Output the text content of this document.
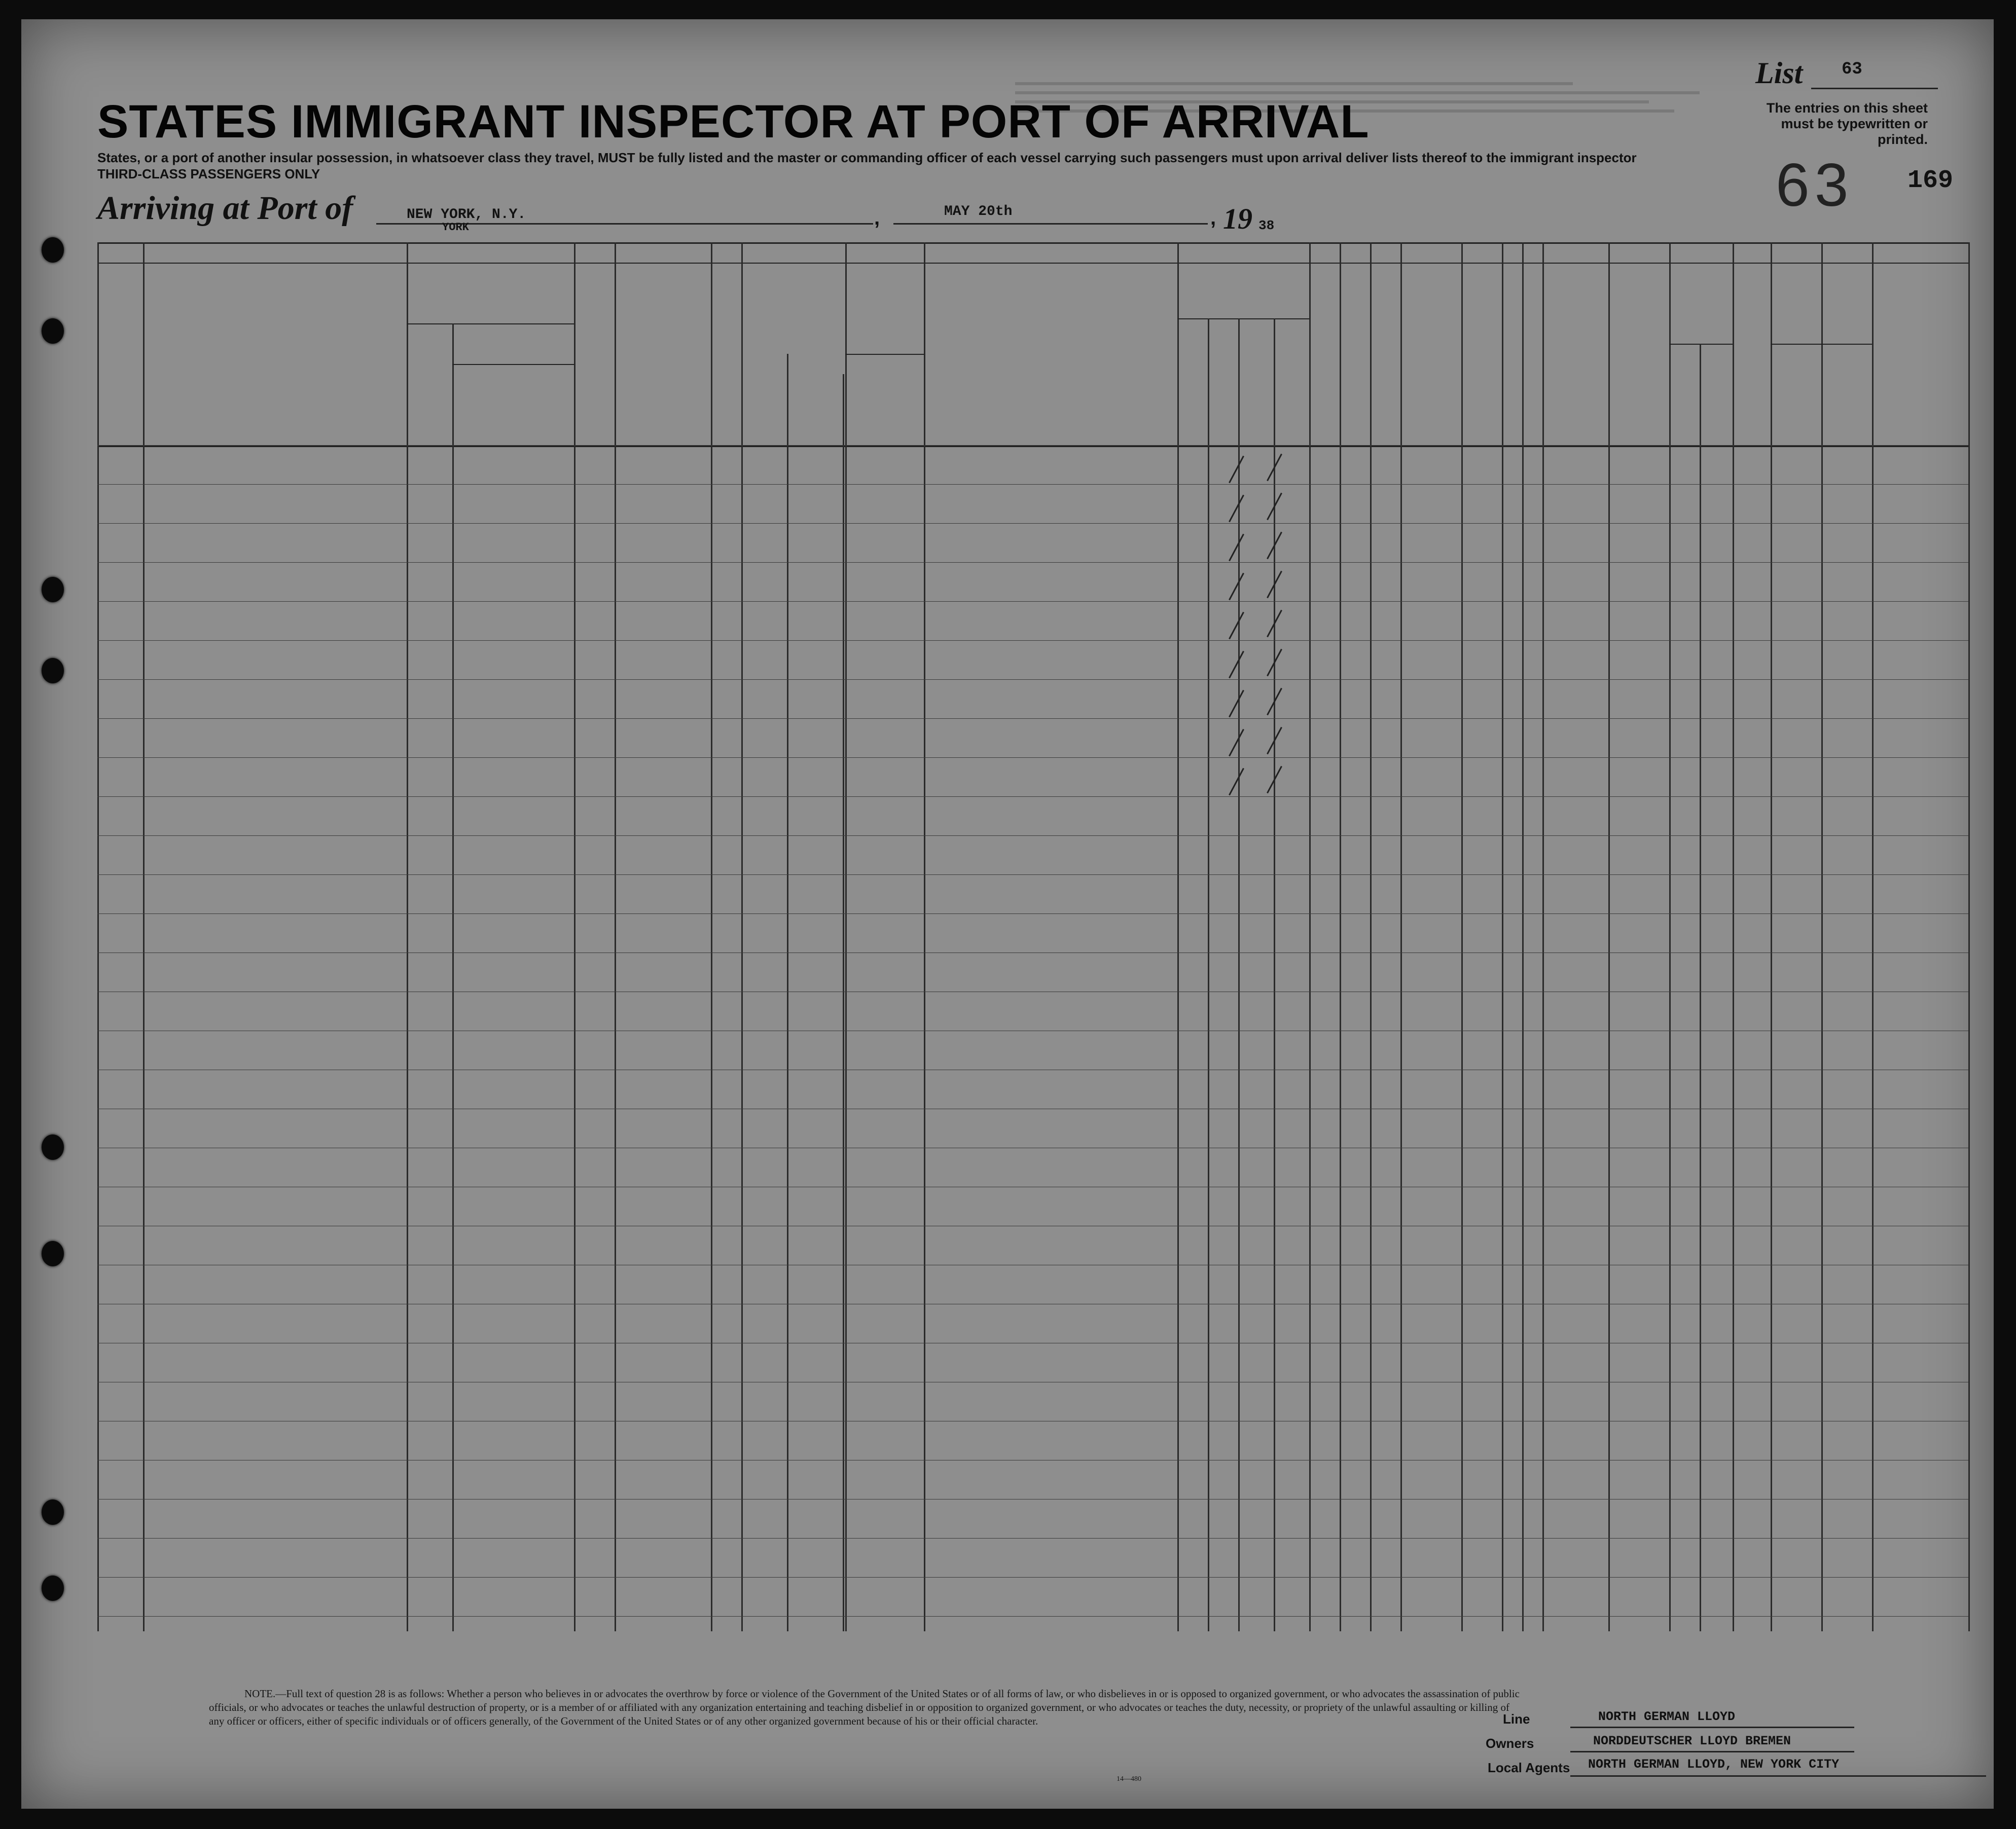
STATES IMMIGRANT INSPECTOR AT PORT OF ARRIVAL
States, or a port of another insular possession, in whatsoever class they travel, MUST be fully listed and the master or commanding officer of each vessel carrying such passengers must upon arrival deliver lists thereof to the immigrant inspector
THIRD-CLASS PASSENGERS ONLY
List 63
The entries on this sheet must be typewritten or printed.
63 169
Arriving at Port of	NEW YORK, N.Y.
YORK	,	MAY 20th	, 19 38
NOTE.—Full text of question 28 is as follows: Whether a person who believes in or advocates the overthrow by force or violence of the Government of the United States or of all forms of law, or who disbelieves in or is opposed to organized government, or who advocates the assassination of public officials, or who advocates or teaches the unlawful destruction of property, or is a member of or affiliated with any organization entertaining and teaching disbelief in or opposition to organized government, or who advocates or teaches the duty, necessity, or propriety of the unlawful assaulting or killing of any officer or officers, either of specific individuals or of officers generally, of the Government of the United States or of any other organized government because of his or their official character.
14—480
Line	NORTH GERMAN LLOYD
Owners	NORDDEUTSCHER LLOYD BREMEN
Local Agents NORTH GERMAN LLOYD, NEW YORK CITY
